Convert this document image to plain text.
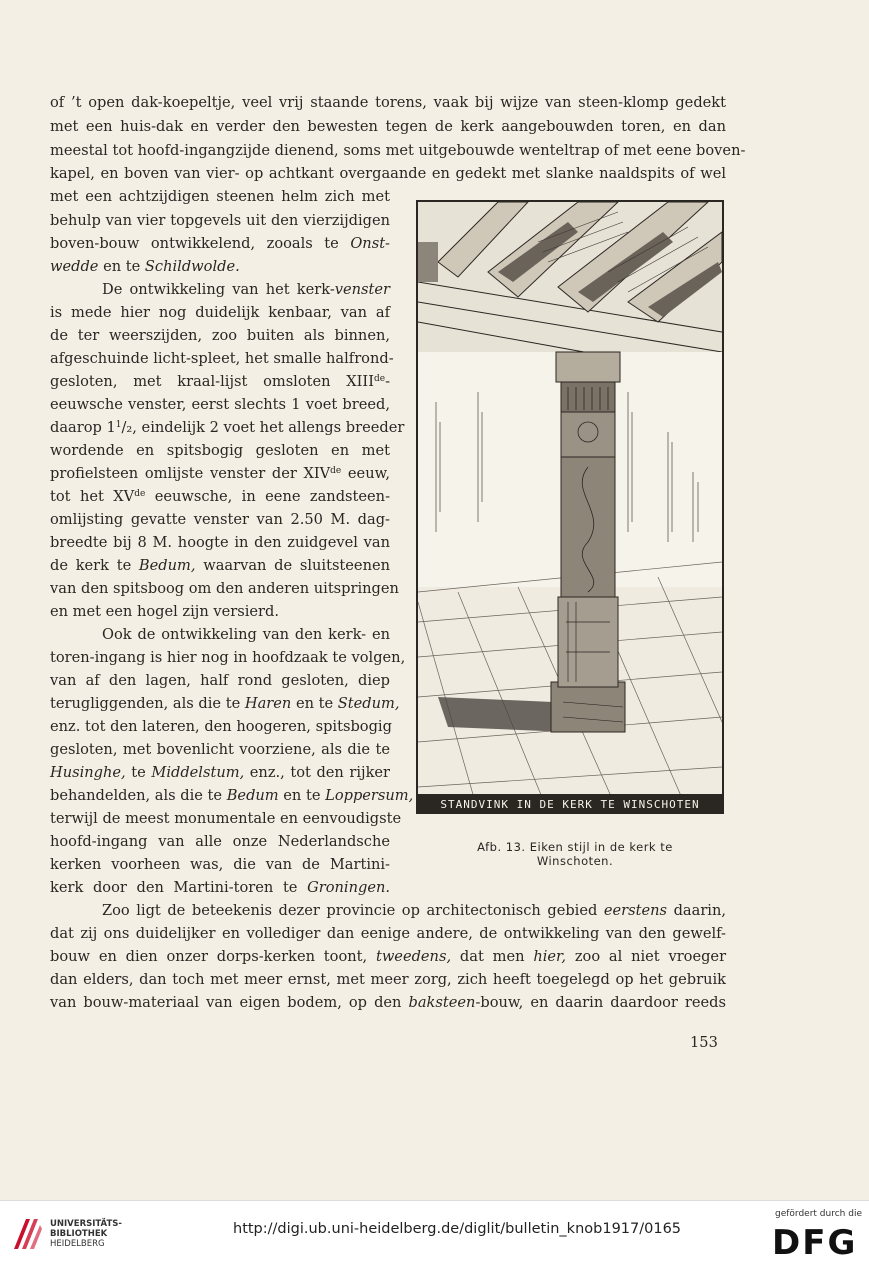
of ’t open dak-koepeltje, veel vrij staande torens, vaak bij wijze van steen-klomp gedekt
met een huis-dak en verder den bewesten tegen de kerk aangebouwden toren, en dan
meestal tot hoofd-ingangzijde dienend, soms met uitgebouwde wenteltrap of met eene boven-
kapel, en boven van vier- op achtkant overgaande en gedekt met slanke naaldspits of wel
met een achtzijdigen steenen helm zich met
behulp van vier topgevels uit den vierzijdigen
boven-bouw ontwikkelend, zooals te Onst-
wedde en te Schildwolde.
De ontwikkeling van het kerk-venster
is mede hier nog duidelijk kenbaar, van af
de ter weerszijden, zoo buiten als binnen,
afgeschuinde licht-spleet, het smalle halfrond-
gesloten, met kraal-lijst omsloten XIIIde-
eeuwsche venster, eerst slechts 1 voet breed,
daarop $1^1/_2$, eindelijk 2 voet het allengs breeder
wordende en spitsbogig gesloten en met
profielsteen omlijste venster der XIVde eeuw,
tot het XVde eeuwsche, in eene zandsteen-
omlijsting gevatte venster van 2.50 M. dag-
breedte bij 8 M. hoogte in den zuidgevel van
de kerk te Bedum, waarvan de sluitsteenen
van den spitsboog om den anderen uitspringen
en met een hogel zijn versierd.
Ook de ontwikkeling van den kerk- en
toren-ingang is hier nog in hoofdzaak te volgen,
van af den lagen, half rond gesloten, diep
terugliggenden, als die te Haren en te Stedum,
enz. tot den lateren, den hoogeren, spitsbogig
gesloten, met bovenlicht voorziene, als die te
Husinghe, te Middelstum, enz., tot den rijker
behandelden, als die te Bedum en te Loppersum,
terwijl de meest monumentale en eenvoudigste
hoofd-ingang van alle onze Nederlandsche
kerken voorheen was, die van de Martini-
kerk door den Martini-toren te Groningen.
Zoo ligt de beteekenis dezer provincie op architectonisch gebied eerstens daarin,
dat zij ons duidelijker en vollediger dan eenige andere, de ontwikkeling van den gewelf-
bouw en dien onzer dorps-kerken toont, tweedens, dat men hier, zoo al niet vroeger
dan elders, dan toch met meer ernst, met meer zorg, zich heeft toegelegd op het gebruik
van bouw-materiaal van eigen bodem, op den baksteen-bouw, en daarin daardoor reeds
STANDVINK IN DE KERK TE WINSCHOTEN
Afb. 13. Eiken stijl in de kerk te
Winschoten.
153
UNIVERSITÄTS-
BIBLIOTHEK
HEIDELBERG
http://digi.ub.uni-heidelberg.de/diglit/bulletin_knob1917/0165
gefördert durch die
DFG
